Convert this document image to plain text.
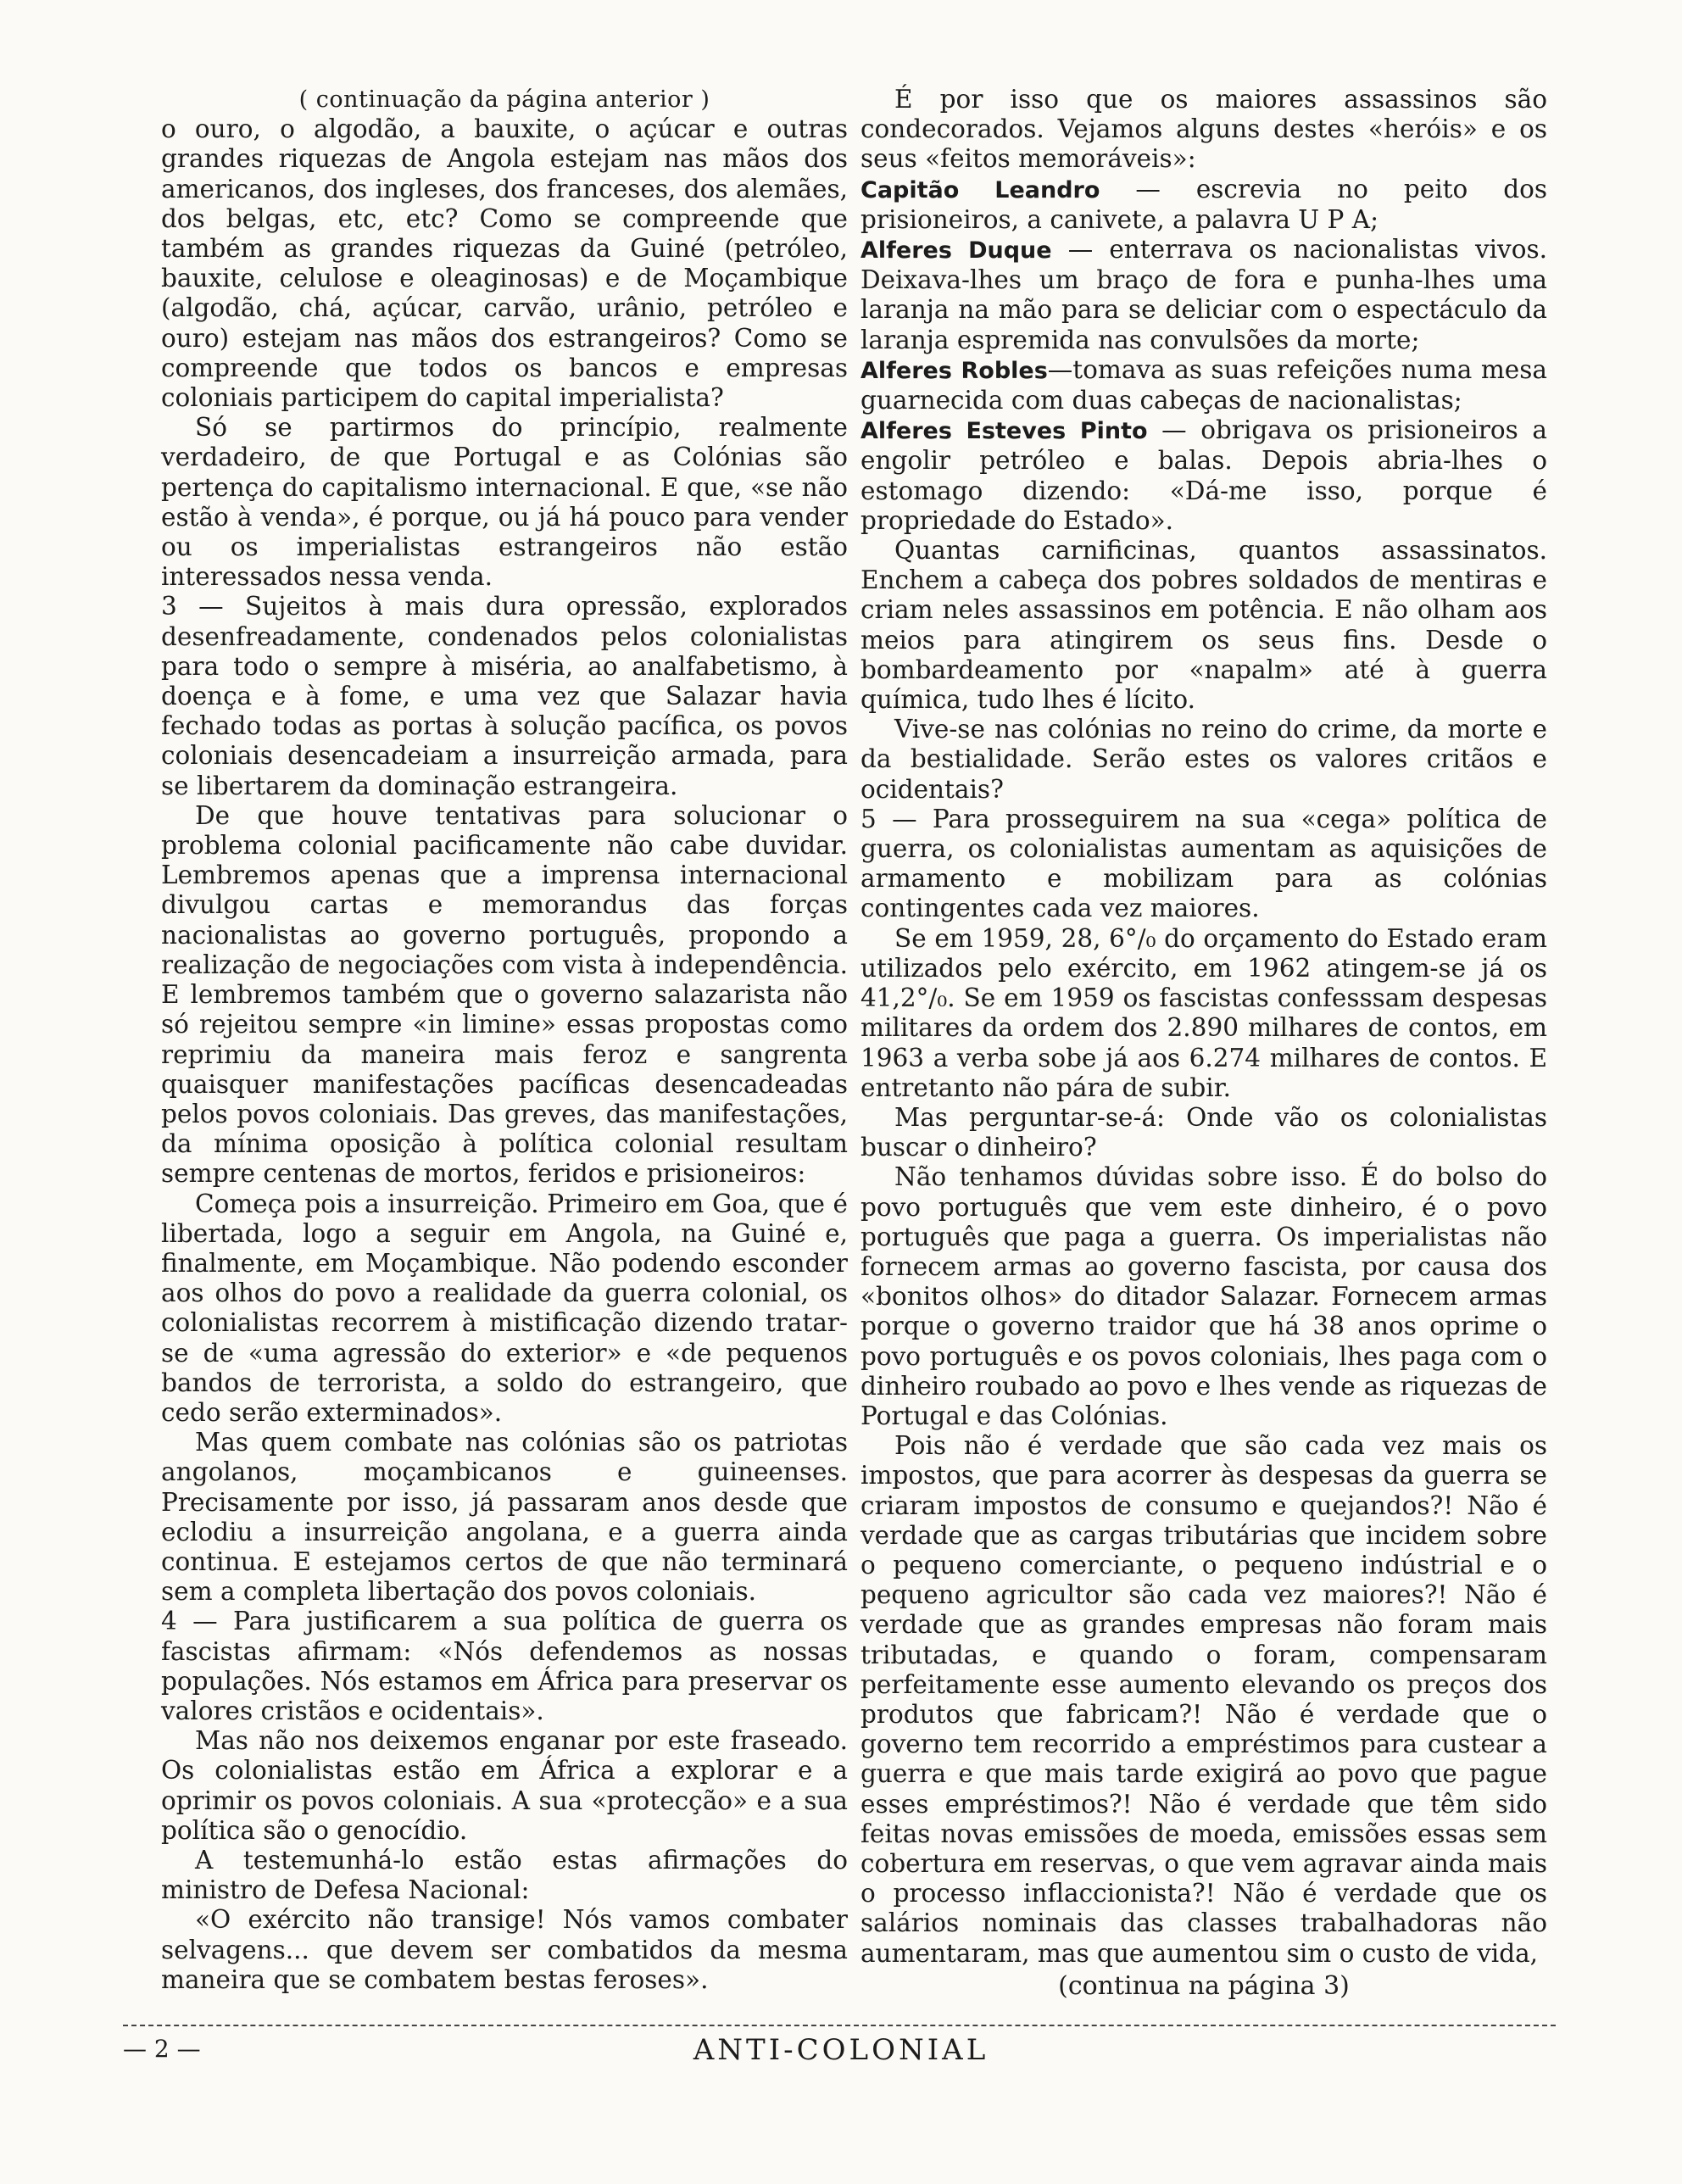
( continuação da página anterior )

o ouro, o algodão, a bauxite, o açúcar e outras grandes riquezas de Angola estejam nas mãos dos americanos, dos ingleses, dos franceses, dos alemães, dos belgas, etc, etc? Como se compreende que também as grandes riquezas da Guiné (petróleo, bauxite, celulose e oleaginosas) e de Moçambique (algodão, chá, açúcar, carvão, urânio, petróleo e ouro) estejam nas mãos dos estrangeiros? Como se compreende que todos os bancos e empresas coloniais participem do capital imperialista?

Só se partirmos do princípio, realmente verdadeiro, de que Portugal e as Colónias são pertença do capitalismo internacional. E que, «se não estão à venda», é porque, ou já há pouco para vender ou os imperialistas estrangeiros não estão interessados nessa venda.

3 — Sujeitos à mais dura opressão, explorados desenfreadamente, condenados pelos colonialistas para todo o sempre à miséria, ao analfabetismo, à doença e à fome, e uma vez que Salazar havia fechado todas as portas à solução pacífica, os povos coloniais desencadeiam a insurreição armada, para se libertarem da dominação estrangeira.

De que houve tentativas para solucionar o problema colonial pacificamente não cabe duvidar. Lembremos apenas que a imprensa internacional divulgou cartas e memorandus das forças nacionalistas ao governo português, propondo a realização de negociações com vista à independência. E lembremos também que o governo salazarista não só rejeitou sempre «in limine» essas propostas como reprimiu da maneira mais feroz e sangrenta quaisquer manifestações pacíficas desencadeadas pelos povos coloniais. Das greves, das manifestações, da mínima oposição à política colonial resultam sempre centenas de mortos, feridos e prisioneiros:

Começa pois a insurreição. Primeiro em Goa, que é libertada, logo a seguir em Angola, na Guiné e, finalmente, em Moçambique. Não podendo esconder aos olhos do povo a realidade da guerra colonial, os colonialistas recorrem à mistificação dizendo tratar-se de «uma agressão do exterior» e «de pequenos bandos de terrorista, a soldo do estrangeiro, que cedo serão exterminados».

Mas quem combate nas colónias são os patriotas angolanos, moçambicanos e guineenses. Precisamente por isso, já passaram anos desde que eclodiu a insurreição angolana, e a guerra ainda continua. E estejamos certos de que não terminará sem a completa libertação dos povos coloniais.

4 — Para justificarem a sua política de guerra os fascistas afirmam: «Nós defendemos as nossas populações. Nós estamos em África para preservar os valores cristãos e ocidentais».

Mas não nos deixemos enganar por este fraseado. Os colonialistas estão em África a explorar e a oprimir os povos coloniais. A sua «protecção» e a sua política são o genocídio.

A testemunhá-lo estão estas afirmações do ministro de Defesa Nacional:

«O exército não transige! Nós vamos combater selvagens... que devem ser combatidos da mesma maneira que se combatem bestas feroses».

É por isso que os maiores assassinos são condecorados. Vejamos alguns destes «heróis» e os seus «feitos memoráveis»:

Capitão Leandro — escrevia no peito dos prisioneiros, a canivete, a palavra U P A;

Alferes Duque — enterrava os nacionalistas vivos. Deixava-lhes um braço de fora e punha-lhes uma laranja na mão para se deliciar com o espectáculo da laranja espremida nas convulsões da morte;

Alferes Robles—tomava as suas refeições numa mesa guarnecida com duas cabeças de nacionalistas;

Alferes Esteves Pinto — obrigava os prisioneiros a engolir petróleo e balas. Depois abria-lhes o estomago dizendo: «Dá-me isso, porque é propriedade do Estado».

Quantas carnificinas, quantos assassinatos. Enchem a cabeça dos pobres soldados de mentiras e criam neles assassinos em potência. E não olham aos meios para atingirem os seus fins. Desde o bombardeamento por «napalm» até à guerra química, tudo lhes é lícito.

Vive-se nas colónias no reino do crime, da morte e da bestialidade. Serão estes os valores critãos e ocidentais?

5 — Para prosseguirem na sua «cega» política de guerra, os colonialistas aumentam as aquisições de armamento e mobilizam para as colónias contingentes cada vez maiores.

Se em 1959, 28, 6°/₀ do orçamento do Estado eram utilizados pelo exército, em 1962 atingem-se já os 41,2°/₀. Se em 1959 os fascistas confesssam despesas militares da ordem dos 2.890 milhares de contos, em 1963 a verba sobe já aos 6.274 milhares de contos. E entretanto não pára de subir.

Mas perguntar-se-á: Onde vão os colonialistas buscar o dinheiro?

Não tenhamos dúvidas sobre isso. É do bolso do povo português que vem este dinheiro, é o povo português que paga a guerra. Os imperialistas não fornecem armas ao governo fascista, por causa dos «bonitos olhos» do ditador Salazar. Fornecem armas porque o governo traidor que há 38 anos oprime o povo português e os povos coloniais, lhes paga com o dinheiro roubado ao povo e lhes vende as riquezas de Portugal e das Colónias.

Pois não é verdade que são cada vez mais os impostos, que para acorrer às despesas da guerra se criaram impostos de consumo e quejandos?! Não é verdade que as cargas tributárias que incidem sobre o pequeno comerciante, o pequeno indústrial e o pequeno agricultor são cada vez maiores?! Não é verdade que as grandes empresas não foram mais tributadas, e quando o foram, compensaram perfeitamente esse aumento elevando os preços dos produtos que fabricam?! Não é verdade que o governo tem recorrido a empréstimos para custear a guerra e que mais tarde exigirá ao povo que pague esses empréstimos?! Não é verdade que têm sido feitas novas emissões de moeda, emissões essas sem cobertura em reservas, o que vem agravar ainda mais o processo inflaccionista?! Não é verdade que os salários nominais das classes trabalhadoras não aumentaram, mas que aumentou sim o custo de vida,

(continua na página 3)
— 2 —	ANTI-COLONIAL
